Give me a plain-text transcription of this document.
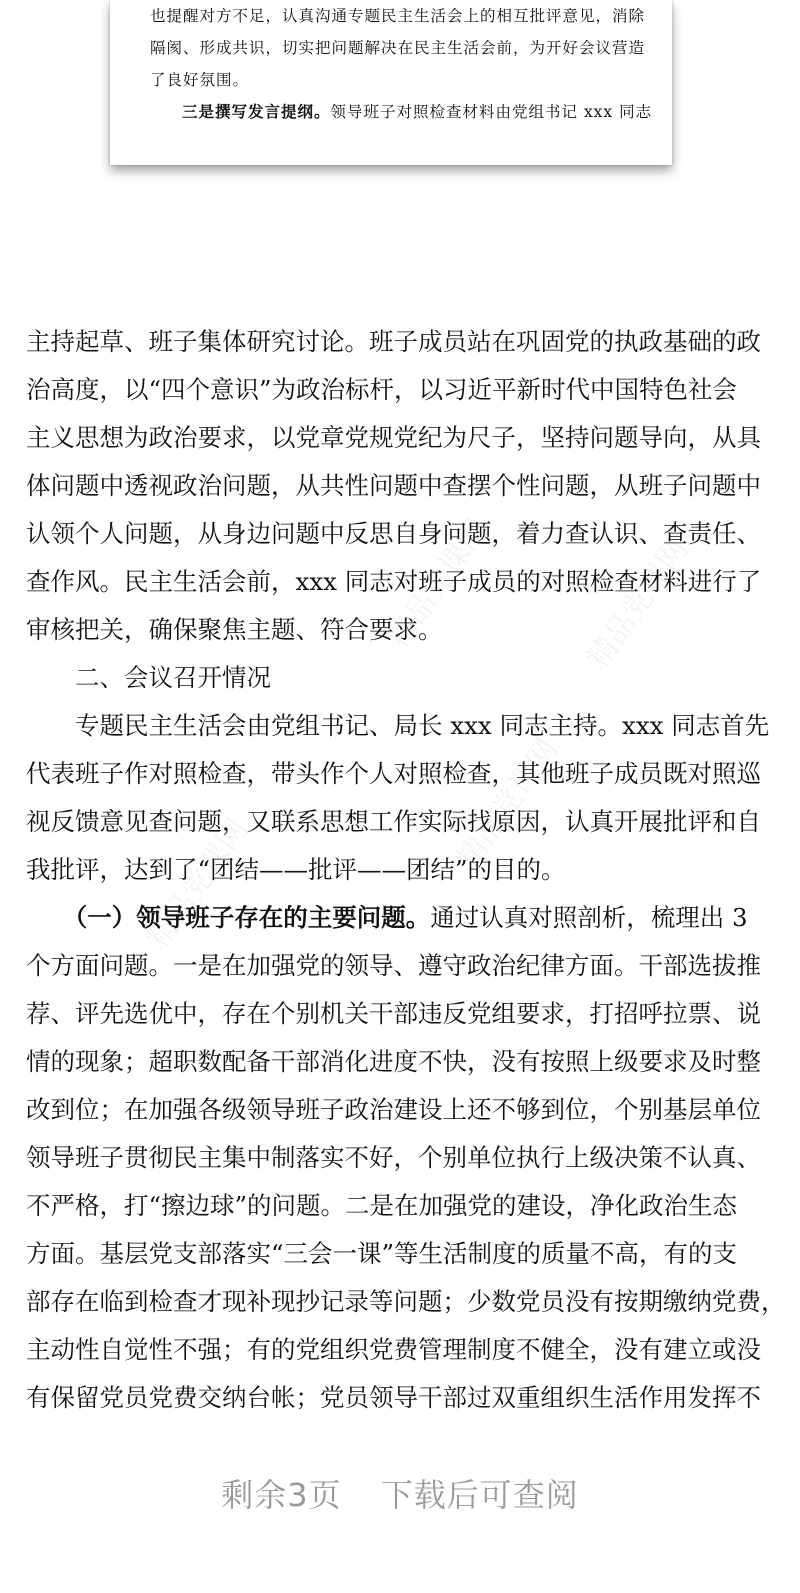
也提醒对方不足，认真沟通专题民主生活会上的相互批评意见，消除
隔阂、形成共识，切实把问题解决在民主生活会前，为开好会议营造
了良好氛围。
三是撰写发言提纲。领导班子对照检查材料由党组书记 xxx 同志
主持起草、班子集体研究讨论。班子成员站在巩固党的执政基础的政
治高度，以“四个意识”为政治标杆，以习近平新时代中国特色社会
主义思想为政治要求，以党章党规党纪为尺子，坚持问题导向，从具
体问题中透视政治问题，从共性问题中查摆个性问题，从班子问题中
认领个人问题，从身边问题中反思自身问题，着力查认识、查责任、
查作风。民主生活会前，xxx 同志对班子成员的对照检查材料进行了
审核把关，确保聚焦主题、符合要求。
　　二、会议召开情况
　　专题民主生活会由党组书记、局长 xxx 同志主持。xxx 同志首先
代表班子作对照检查，带头作个人对照检查，其他班子成员既对照巡
视反馈意见查问题，又联系思想工作实际找原因，认真开展批评和自
我批评，达到了“团结——批评——团结”的目的。
　　（一）领导班子存在的主要问题。通过认真对照剖析，梳理出 3
个方面问题。一是在加强党的领导、遵守政治纪律方面。干部选拔推
荐、评先选优中，存在个别机关干部违反党组要求，打招呼拉票、说
情的现象；超职数配备干部消化进度不快，没有按照上级要求及时整
改到位；在加强各级领导班子政治建设上还不够到位，个别基层单位
领导班子贯彻民主集中制落实不好，个别单位执行上级决策不认真、
不严格，打“擦边球”的问题。二是在加强党的建设，净化政治生态
方面。基层党支部落实“三会一课”等生活制度的质量不高，有的支
部存在临到检查才现补现抄记录等问题；少数党员没有按期缴纳党费，
主动性自觉性不强；有的党组织党费管理制度不健全，没有建立或没
有保留党员党费交纳台帐；党员领导干部过双重组织生活作用发挥不
精品党课网	精品党课网
精品党课网
精品党课网
剩余3页 下载后可查阅
